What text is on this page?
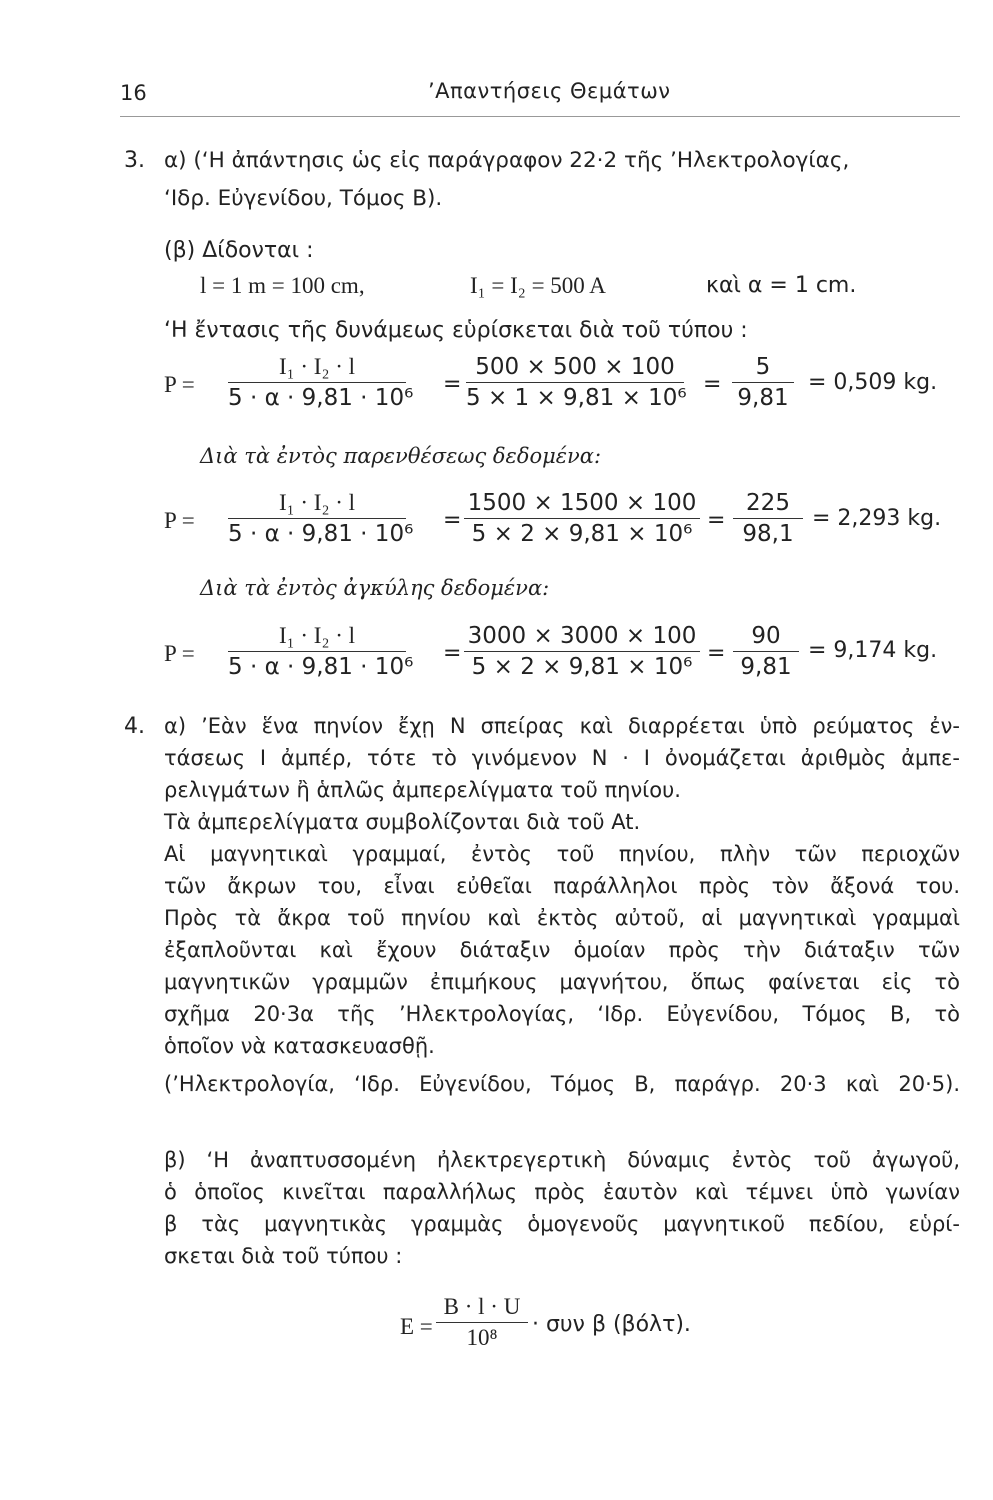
16	’Απαντήσεις Θεμάτων
3. α) (‘Η ἀπάντησις ὡς εἰς παράγραφον 22·2 τῆς ’Ηλεκτρολογίας,
‘Ιδρ. Εὐγενίδου, Τόμος Β).
(β) Δίδονται :
l = 1 m = 100 cm,	I₁ = I₂ = 500 A	καὶ α = 1 cm.
‘Η ἔντασις τῆς δυνάμεως εὑρίσκεται διὰ τοῦ τύπου :
P =
I₁ · I₂ · l
5 · α · 9,81 · 10⁶
=
500 × 500 × 100
5 × 1 × 9,81 × 10⁶
=
5
9,81
= 0,509 kg.
Διὰ τὰ ἐντὸς παρενθέσεως δεδομένα:
P =
I₁ · I₂ · l
5 · α · 9,81 · 10⁶
=
1500 × 1500 × 100
5 × 2 × 9,81 × 10⁶
=
225
98,1
= 2,293 kg.
Διὰ τὰ ἐντὸς ἀγκύλης δεδομένα:
P =
I₁ · I₂ · l
5 · α · 9,81 · 10⁶
=
3000 × 3000 × 100
5 × 2 × 9,81 × 10⁶
=
90
9,81
= 9,174 kg.
4. α) ’Εὰν ἕνα πηνίον ἔχῃ N σπείρας καὶ διαρρέεται ὑπὸ ρεύματος ἐν-
τάσεως I ἀμπέρ, τότε τὸ γινόμενον N · I ὀνομάζεται ἀριθμὸς ἀμπε-
ρελιγμάτων ἢ ἁπλῶς ἀμπερελίγματα τοῦ πηνίου.
Τὰ ἀμπερελίγματα συμβολίζονται διὰ τοῦ At.
Αἱ μαγνητικαὶ γραμμαί, ἐντὸς τοῦ πηνίου, πλὴν τῶν περιοχῶν
τῶν ἄκρων του, εἶναι εὐθεῖαι παράλληλοι πρὸς τὸν ἄξονά του.
Πρὸς τὰ ἄκρα τοῦ πηνίου καὶ ἐκτὸς αὐτοῦ, αἱ μαγνητικαὶ γραμμαὶ
ἐξαπλοῦνται καὶ ἔχουν διάταξιν ὁμοίαν πρὸς τὴν διάταξιν τῶν
μαγνητικῶν γραμμῶν ἐπιμήκους μαγνήτου, ὅπως φαίνεται εἰς τὸ
σχῆμα 20·3α τῆς ’Ηλεκτρολογίας, ‘Ιδρ. Εὐγενίδου, Τόμος Β, τὸ
ὁποῖον νὰ κατασκευασθῇ.
(’Ηλεκτρολογία, ‘Ιδρ. Εὐγενίδου, Τόμος Β, παράγρ. 20·3 καὶ 20·5).
β) ‘Η ἀναπτυσσομένη ἠλεκτρεγερτικὴ δύναμις ἐντὸς τοῦ ἀγωγοῦ,
ὁ ὁποῖος κινεῖται παραλλήλως πρὸς ἑαυτὸν καὶ τέμνει ὑπὸ γωνίαν
β τὰς μαγνητικὰς γραμμὰς ὁμογενοῦς μαγνητικοῦ πεδίου, εὑρί-
σκεται διὰ τοῦ τύπου :
E =
B · l · U
10⁸
· συν β (βόλτ).
